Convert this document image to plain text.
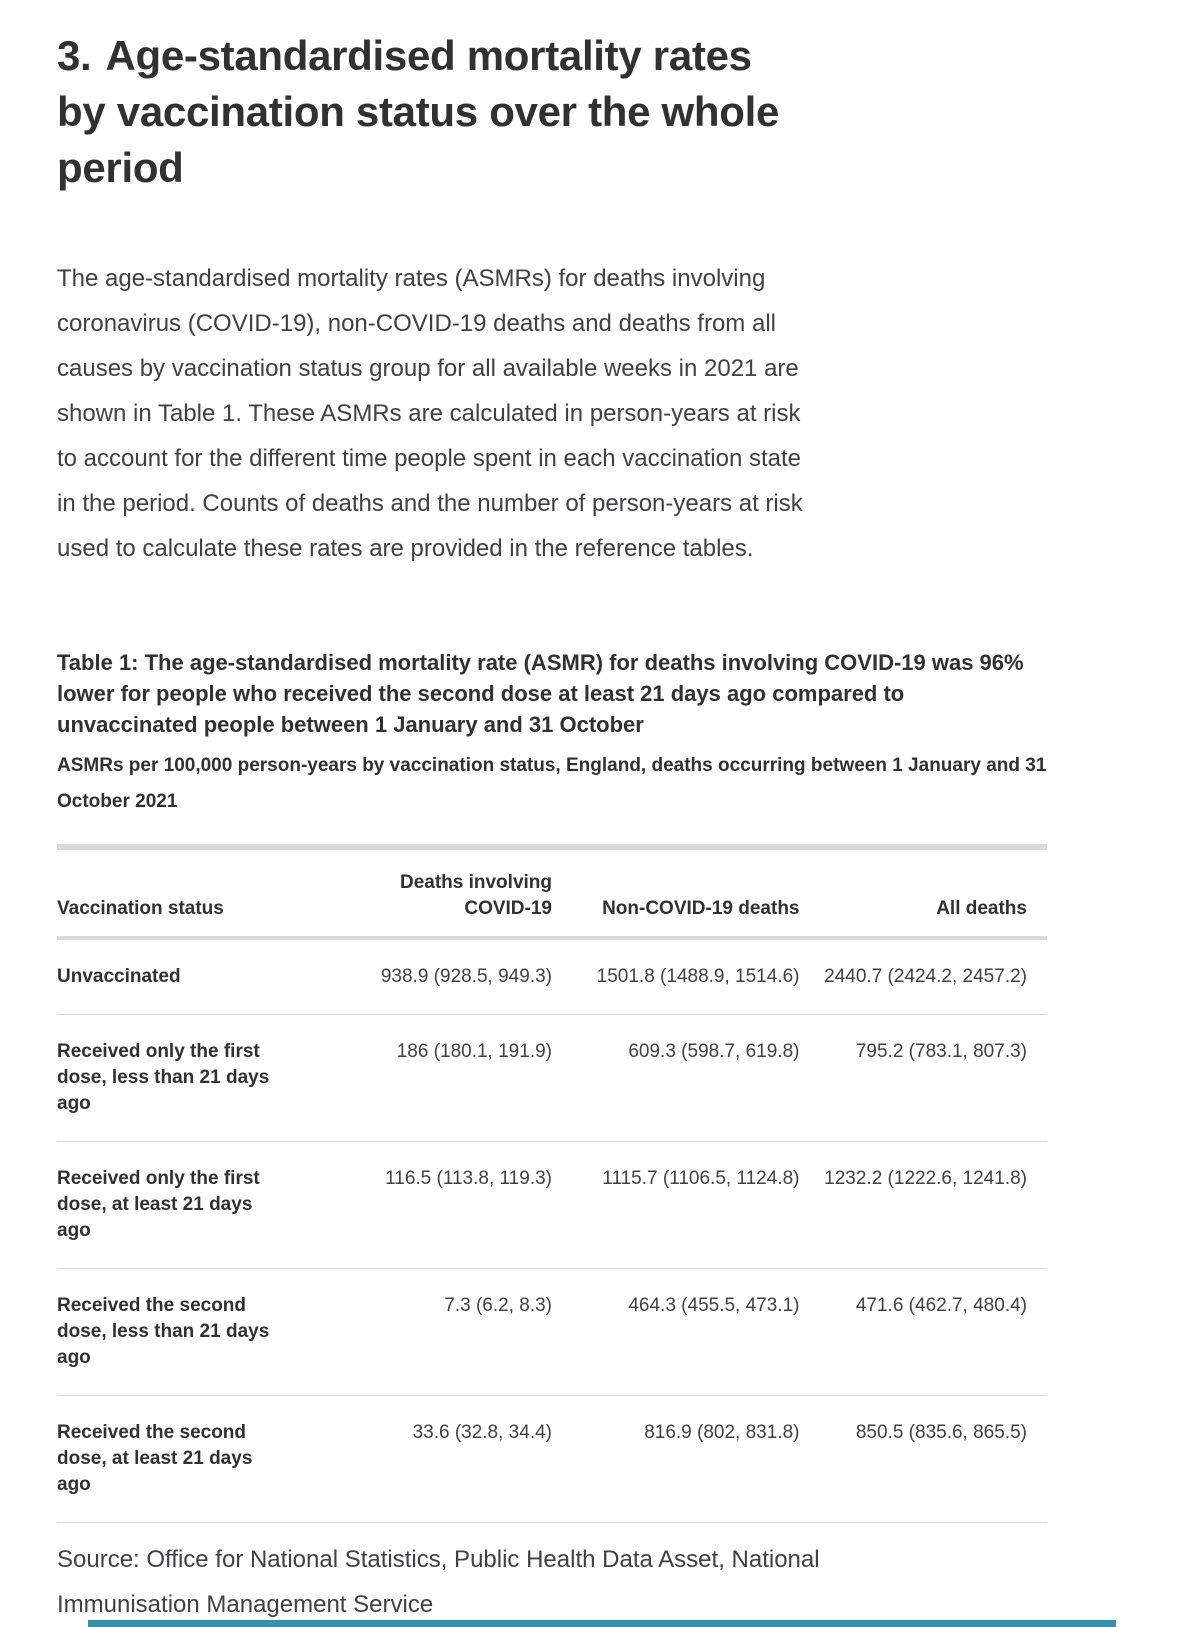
3. Age-standardised mortality rates by vaccination status over the whole period

The age-standardised mortality rates (ASMRs) for deaths involving coronavirus (COVID-19), non-COVID-19 deaths and deaths from all causes by vaccination status group for all available weeks in 2021 are shown in Table 1. These ASMRs are calculated in person-years at risk to account for the different time people spent in each vaccination state in the period. Counts of deaths and the number of person-years at risk used to calculate these rates are provided in the reference tables.

Table 1: The age-standardised mortality rate (ASMR) for deaths involving COVID-19 was 96% lower for people who received the second dose at least 21 days ago compared to unvaccinated people between 1 January and 31 October

ASMRs per 100,000 person-years by vaccination status, England, deaths occurring between 1 January and 31 October 2021

Vaccination status	Deaths involving COVID-19	Non-COVID-19 deaths	All deaths
Unvaccinated	938.9 (928.5, 949.3)	1501.8 (1488.9, 1514.6)	2440.7 (2424.2, 2457.2)
Received only the first dose, less than 21 days ago	186 (180.1, 191.9)	609.3 (598.7, 619.8)	795.2 (783.1, 807.3)
Received only the first dose, at least 21 days ago	116.5 (113.8, 119.3)	1115.7 (1106.5, 1124.8)	1232.2 (1222.6, 1241.8)
Received the second dose, less than 21 days ago	7.3 (6.2, 8.3)	464.3 (455.5, 473.1)	471.6 (462.7, 480.4)
Received the second dose, at least 21 days ago	33.6 (32.8, 34.4)	816.9 (802, 831.8)	850.5 (835.6, 865.5)

Source: Office for National Statistics, Public Health Data Asset, National Immunisation Management Service
